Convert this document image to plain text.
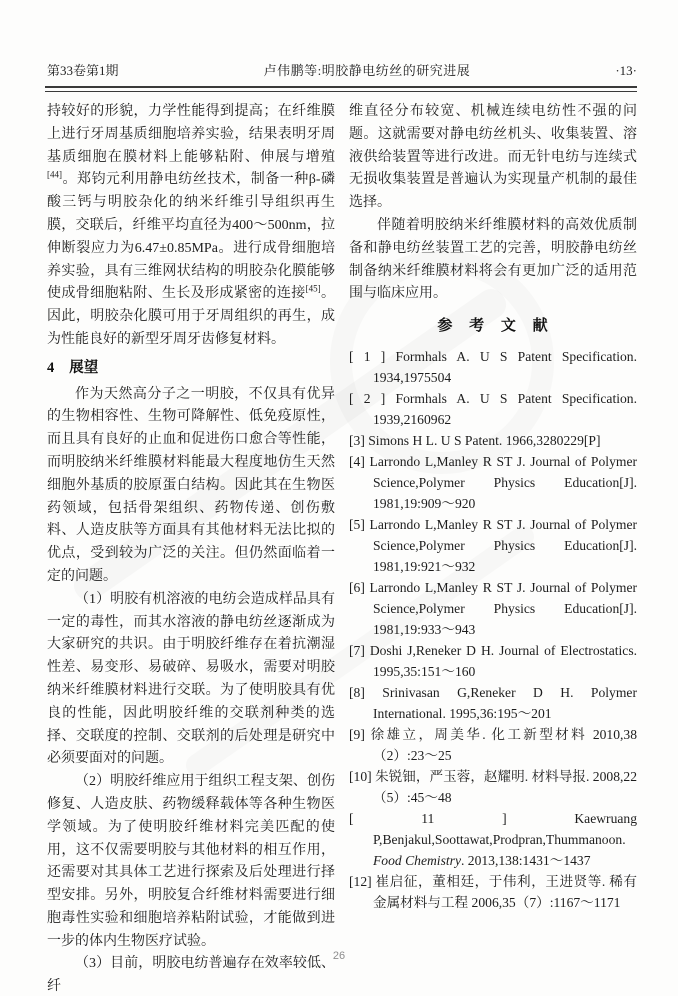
第33卷第1期	卢伟鹏等:明胶静电纺丝的研究进展	·13·

持较好的形貌，力学性能得到提高；在纤维膜上进行牙周基质细胞培养实验，结果表明牙周基质细胞在膜材料上能够粘附、伸展与增殖[44]。郑钧元利用静电纺丝技术，制备一种β-磷酸三钙与明胶杂化的纳米纤维引导组织再生膜，交联后，纤维平均直径为400～500nm，拉伸断裂应力为6.47±0.85MPa。进行成骨细胞培养实验，具有三维网状结构的明胶杂化膜能够使成骨细胞粘附、生长及形成紧密的连接[45]。因此，明胶杂化膜可用于牙周组织的再生，成为性能良好的新型牙周牙齿修复材料。

4 展望

作为天然高分子之一明胶，不仅具有优异的生物相容性、生物可降解性、低免疫原性，而且具有良好的止血和促进伤口愈合等性能，而明胶纳米纤维膜材料能最大程度地仿生天然细胞外基质的胶原蛋白结构。因此其在生物医药领域，包括骨架组织、药物传递、创伤敷料、人造皮肤等方面具有其他材料无法比拟的优点，受到较为广泛的关注。但仍然面临着一定的问题。

（1）明胶有机溶液的电纺会造成样品具有一定的毒性，而其水溶液的静电纺丝逐渐成为大家研究的共识。由于明胶纤维存在着抗潮湿性差、易变形、易破碎、易吸水，需要对明胶纳米纤维膜材料进行交联。为了使明胶具有优良的性能，因此明胶纤维的交联剂种类的选择、交联度的控制、交联剂的后处理是研究中必须要面对的问题。

（2）明胶纤维应用于组织工程支架、创伤修复、人造皮肤、药物缓释载体等各种生物医学领域。为了使明胶纤维材料完美匹配的使用，这不仅需要明胶与其他材料的相互作用，还需要对其具体工艺进行探索及后处理进行择型安排。另外，明胶复合纤维材料需要进行细胞毒性实验和细胞培养粘附试验，才能做到进一步的体内生物医疗试验。

（3）目前，明胶电纺普遍存在效率较低、纤

维直径分布较宽、机械连续电纺性不强的问题。这就需要对静电纺丝机头、收集装置、溶液供给装置等进行改进。而无针电纺与连续式无损收集装置是普遍认为实现量产机制的最佳选择。

伴随着明胶纳米纤维膜材料的高效优质制备和静电纺丝装置工艺的完善，明胶静电纺丝制备纳米纤维膜材料将会有更加广泛的适用范围与临床应用。

参 考 文 献
[ 1 ] Formhals A. U S Patent Specification. 1934,1975504
[ 2 ] Formhals A. U S Patent Specification. 1939,2160962
[3] Simons H L. U S Patent. 1966,3280229[P]
[4] Larrondo L,Manley R ST J. Journal of Polymer Science,Polymer Physics Education[J]. 1981,19:909～920
[5] Larrondo L,Manley R ST J. Journal of Polymer Science,Polymer Physics Education[J]. 1981,19:921～932
[6] Larrondo L,Manley R ST J. Journal of Polymer Science,Polymer Physics Education[J]. 1981,19:933～943
[7] Doshi J,Reneker D H. Journal of Electrostatics. 1995,35:151～160
[8] Srinivasan G,Reneker D H. Polymer International. 1995,36:195～201
[9] 徐雄立，周美华. 化工新型材料 2010,38（2）:23～25
[10] 朱锐钿，严玉蓉，赵耀明. 材料导报. 2008,22（5）:45～48
[ 11 ] Kaewruang P,Benjakul,Soottawat,Prodpran,Thummanoon. Food Chemistry. 2013,138:1431～1437
[12] 崔启征，董相廷，于伟利，王进贤等. 稀有金属材料与工程 2006,35（7）:1167～1171
26
